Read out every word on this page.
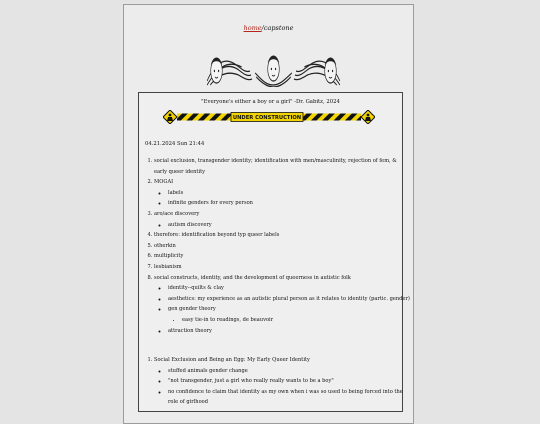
home/capstone
"Everyone's either a boy or a girl" -Dr. Gabitz, 2024
UNDER CONSTRUCTION
04.21.2024 Sun 21:44
1. social exclusion, transgender identity; identification with men/masculinity, rejection of fem, & early queer identity
2. MOGAI
◦ labels
◦ infinite genders for every person
3. aro/ace discovery
◦ autism discovery
4. therefore: identification beyond typ queer labels
5. otherkin
6. multiplicity
7. lesbianism
8. social constructs, identity, and the development of queerness in autistic folk
◦ identity--quilts & clay
◦ aesthetics: my experience as an autistic plural person as it relates to identity (partic. gender)
◦ gen gender theory
• easy tie-in to readings, de beauvoir
◦ attraction theory
1. Social Exclusion and Being an Egg: My Early Queer Identity
◦ stuffed animals gender change
◦ "not transgender, just a girl who really really wants to be a boy"
◦ no confidence to claim that identity as my own when i was so used to being forced into the role of girlhood
